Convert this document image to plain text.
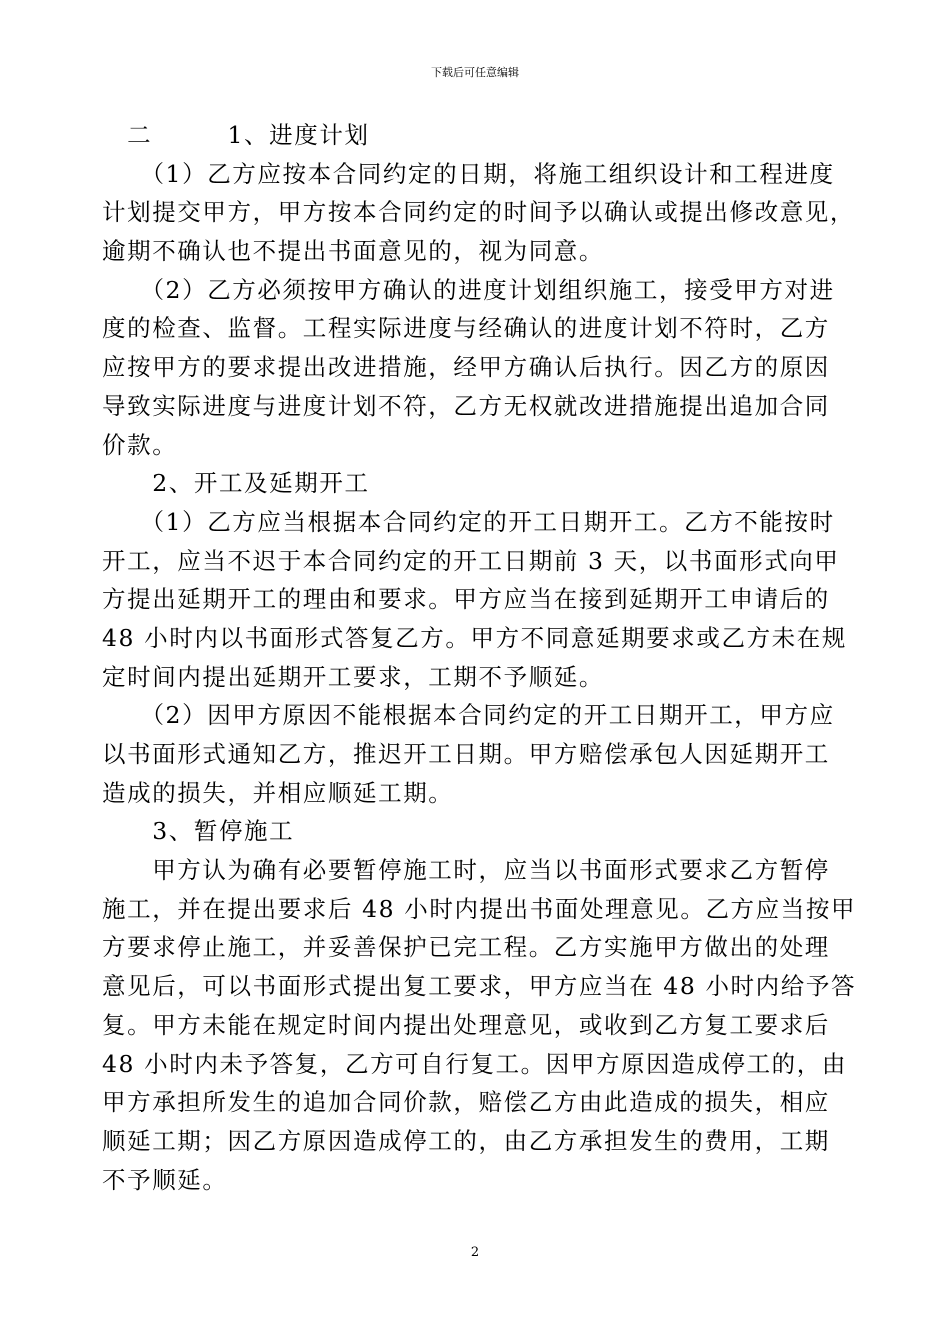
下载后可任意编辑
　二　　　1、进度计划
　　（1）乙方应按本合同约定的日期，将施工组织设计和工程进度
计划提交甲方，甲方按本合同约定的时间予以确认或提出修改意见，
逾期不确认也不提出书面意见的，视为同意。
　　（2）乙方必须按甲方确认的进度计划组织施工，接受甲方对进
度的检查、监督。工程实际进度与经确认的进度计划不符时，乙方
应按甲方的要求提出改进措施，经甲方确认后执行。因乙方的原因
导致实际进度与进度计划不符，乙方无权就改进措施提出追加合同
价款。
　　2、开工及延期开工
　　（1）乙方应当根据本合同约定的开工日期开工。乙方不能按时
开工，应当不迟于本合同约定的开工日期前 3 天，以书面形式向甲
方提出延期开工的理由和要求。甲方应当在接到延期开工申请后的
48 小时内以书面形式答复乙方。甲方不同意延期要求或乙方未在规
定时间内提出延期开工要求，工期不予顺延。
　　（2）因甲方原因不能根据本合同约定的开工日期开工，甲方应
以书面形式通知乙方，推迟开工日期。甲方赔偿承包人因延期开工
造成的损失，并相应顺延工期。
　　3、暂停施工
　　甲方认为确有必要暂停施工时，应当以书面形式要求乙方暂停
施工，并在提出要求后 48 小时内提出书面处理意见。乙方应当按甲
方要求停止施工，并妥善保护已完工程。乙方实施甲方做出的处理
意见后，可以书面形式提出复工要求，甲方应当在 48 小时内给予答
复。甲方未能在规定时间内提出处理意见，或收到乙方复工要求后
48 小时内未予答复，乙方可自行复工。因甲方原因造成停工的，由
甲方承担所发生的追加合同价款，赔偿乙方由此造成的损失，相应
顺延工期；因乙方原因造成停工的，由乙方承担发生的费用，工期
不予顺延。
2
